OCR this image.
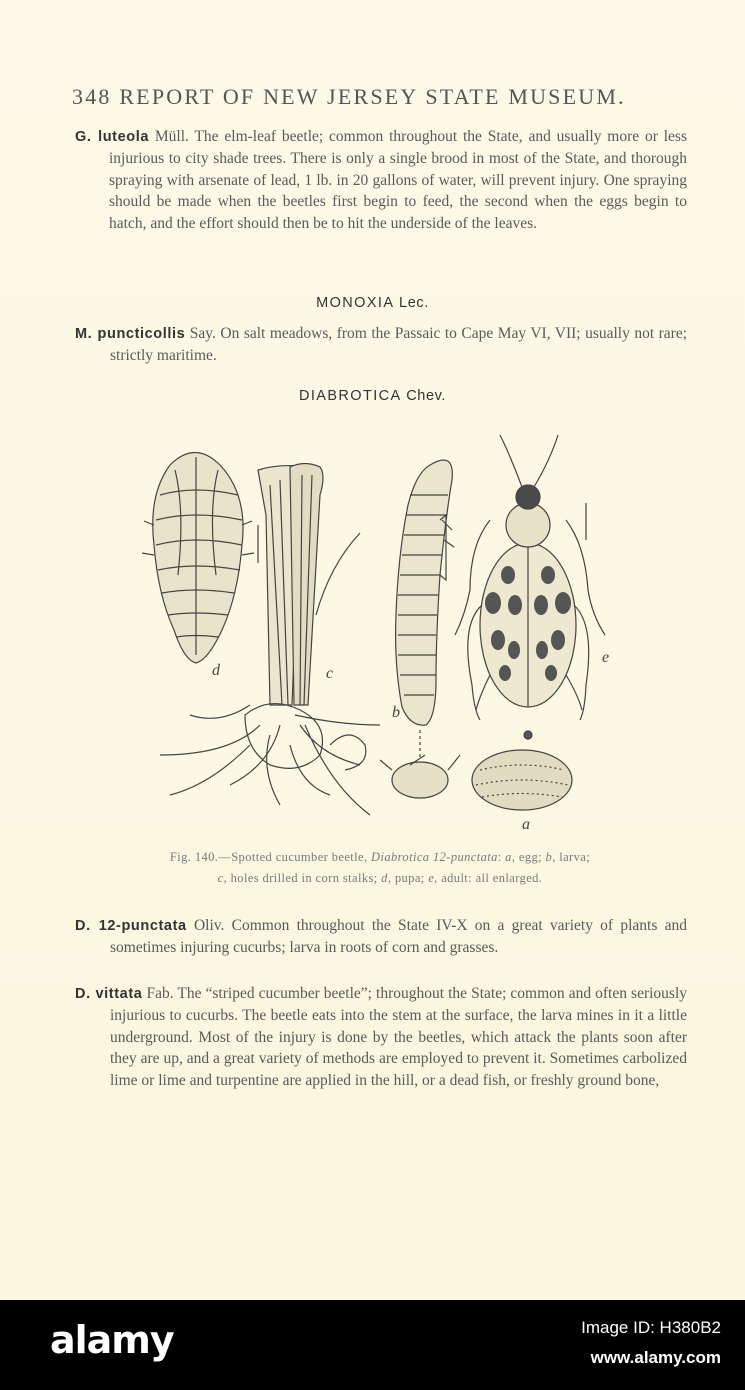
348 REPORT OF NEW JERSEY STATE MUSEUM.

G. luteola Müll. The elm-leaf beetle; common throughout the State, and usually more or less injurious to city shade trees. There is only a single brood in most of the State, and thorough spraying with arsenate of lead, 1 lb. in 20 gallons of water, will prevent injury. One spraying should be made when the beetles first begin to feed, the second when the eggs begin to hatch, and the effort should then be to hit the underside of the leaves.

MONOXIA Lec.

M. puncticollis Say. On salt meadows, from the Passaic to Cape May VI, VII; usually not rare; strictly maritime.

DIABROTICA Chev.
d	c
b
e
a
Fig. 140.—Spotted cucumber beetle, Diabrotica 12-punctata: a, egg; b, larva;
c, holes drilled in corn stalks; d, pupa; e, adult: all enlarged.

D. 12-punctata Oliv. Common throughout the State IV-X on a great variety of plants and sometimes injuring cucurbs; larva in roots of corn and grasses.

D. vittata Fab. The “striped cucumber beetle”; throughout the State; common and often seriously injurious to cucurbs. The beetle eats into the stem at the surface, the larva mines in it a little underground. Most of the injury is done by the beetles, which attack the plants soon after they are up, and a great variety of methods are employed to prevent it. Sometimes carbolized lime or lime and turpentine are applied in the hill, or a dead fish, or freshly ground bone,

alamy	Image ID: H380B2
www.alamy.com
